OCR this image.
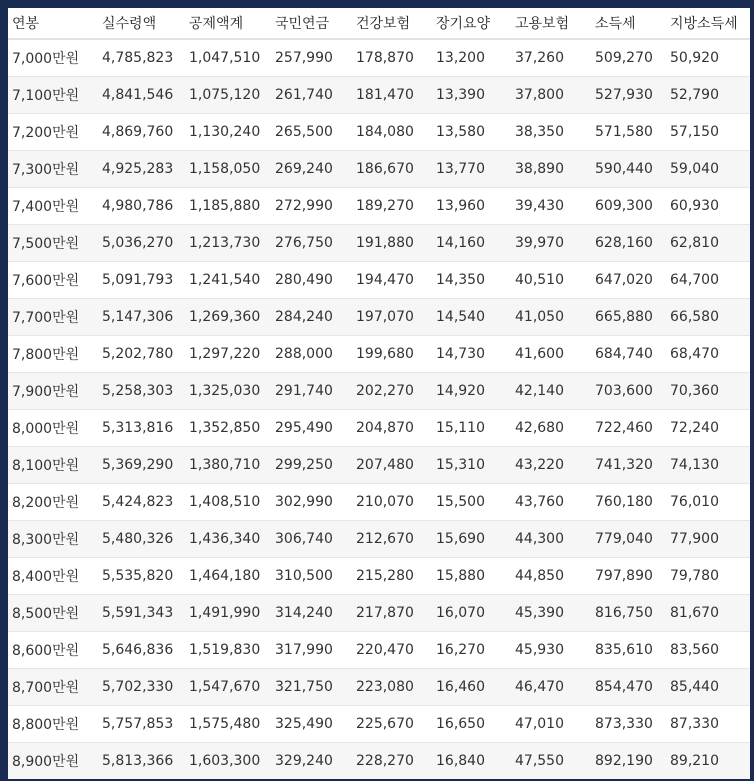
연봉	실수령액	공제액계	국민연금	건강보험	장기요양	고용보험	소득세	지방소득세
7,000만원	4,785,823	1,047,510	257,990	178,870	13,200	37,260	509,270	50,920
7,100만원	4,841,546	1,075,120	261,740	181,470	13,390	37,800	527,930	52,790
7,200만원	4,869,760	1,130,240	265,500	184,080	13,580	38,350	571,580	57,150
7,300만원	4,925,283	1,158,050	269,240	186,670	13,770	38,890	590,440	59,040
7,400만원	4,980,786	1,185,880	272,990	189,270	13,960	39,430	609,300	60,930
7,500만원	5,036,270	1,213,730	276,750	191,880	14,160	39,970	628,160	62,810
7,600만원	5,091,793	1,241,540	280,490	194,470	14,350	40,510	647,020	64,700
7,700만원	5,147,306	1,269,360	284,240	197,070	14,540	41,050	665,880	66,580
7,800만원	5,202,780	1,297,220	288,000	199,680	14,730	41,600	684,740	68,470
7,900만원	5,258,303	1,325,030	291,740	202,270	14,920	42,140	703,600	70,360
8,000만원	5,313,816	1,352,850	295,490	204,870	15,110	42,680	722,460	72,240
8,100만원	5,369,290	1,380,710	299,250	207,480	15,310	43,220	741,320	74,130
8,200만원	5,424,823	1,408,510	302,990	210,070	15,500	43,760	760,180	76,010
8,300만원	5,480,326	1,436,340	306,740	212,670	15,690	44,300	779,040	77,900
8,400만원	5,535,820	1,464,180	310,500	215,280	15,880	44,850	797,890	79,780
8,500만원	5,591,343	1,491,990	314,240	217,870	16,070	45,390	816,750	81,670
8,600만원	5,646,836	1,519,830	317,990	220,470	16,270	45,930	835,610	83,560
8,700만원	5,702,330	1,547,670	321,750	223,080	16,460	46,470	854,470	85,440
8,800만원	5,757,853	1,575,480	325,490	225,670	16,650	47,010	873,330	87,330
8,900만원	5,813,366	1,603,300	329,240	228,270	16,840	47,550	892,190	89,210
